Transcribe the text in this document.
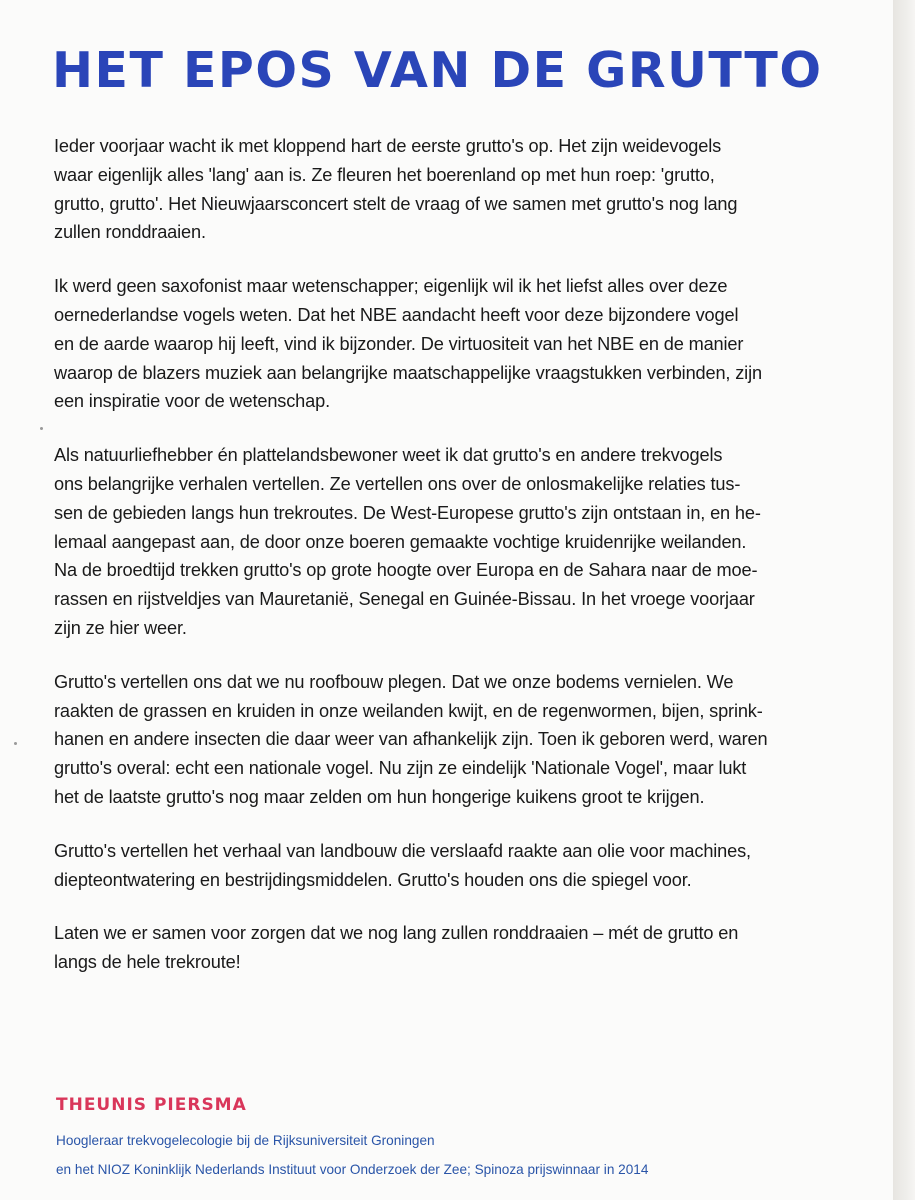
HET EPOS VAN DE GRUTTO

Ieder voorjaar wacht ik met kloppend hart de eerste grutto's op. Het zijn weidevogels
waar eigenlijk alles 'lang' aan is. Ze fleuren het boerenland op met hun roep: 'grutto,
grutto, grutto'. Het Nieuwjaarsconcert stelt de vraag of we samen met grutto's nog lang
zullen ronddraaien.

Ik werd geen saxofonist maar wetenschapper; eigenlijk wil ik het liefst alles over deze
oernederlandse vogels weten. Dat het NBE aandacht heeft voor deze bijzondere vogel
en de aarde waarop hij leeft, vind ik bijzonder. De virtuositeit van het NBE en de manier
waarop de blazers muziek aan belangrijke maatschappelijke vraagstukken verbinden, zijn
een inspiratie voor de wetenschap.

Als natuurliefhebber én plattelandsbewoner weet ik dat grutto's en andere trekvogels
ons belangrijke verhalen vertellen. Ze vertellen ons over de onlosmakelijke relaties tus-
sen de gebieden langs hun trekroutes. De West-Europese grutto's zijn ontstaan in, en he-
lemaal aangepast aan, de door onze boeren gemaakte vochtige kruidenrijke weilanden.
Na de broedtijd trekken grutto's op grote hoogte over Europa en de Sahara naar de moe-
rassen en rijstveldjes van Mauretanië, Senegal en Guinée-Bissau. In het vroege voorjaar
zijn ze hier weer.

Grutto's vertellen ons dat we nu roofbouw plegen. Dat we onze bodems vernielen. We
raakten de grassen en kruiden in onze weilanden kwijt, en de regenwormen, bijen, sprink-
hanen en andere insecten die daar weer van afhankelijk zijn. Toen ik geboren werd, waren
grutto's overal: echt een nationale vogel. Nu zijn ze eindelijk 'Nationale Vogel', maar lukt
het de laatste grutto's nog maar zelden om hun hongerige kuikens groot te krijgen.

Grutto's vertellen het verhaal van landbouw die verslaafd raakte aan olie voor machines,
diepteontwatering en bestrijdingsmiddelen. Grutto's houden ons die spiegel voor.

Laten we er samen voor zorgen dat we nog lang zullen ronddraaien – mét de grutto en
langs de hele trekroute!

THEUNIS PIERSMA

Hoogleraar trekvogelecologie bij de Rijksuniversiteit Groningen
en het NIOZ Koninklijk Nederlands Instituut voor Onderzoek der Zee; Spinoza prijswinnaar in 2014
